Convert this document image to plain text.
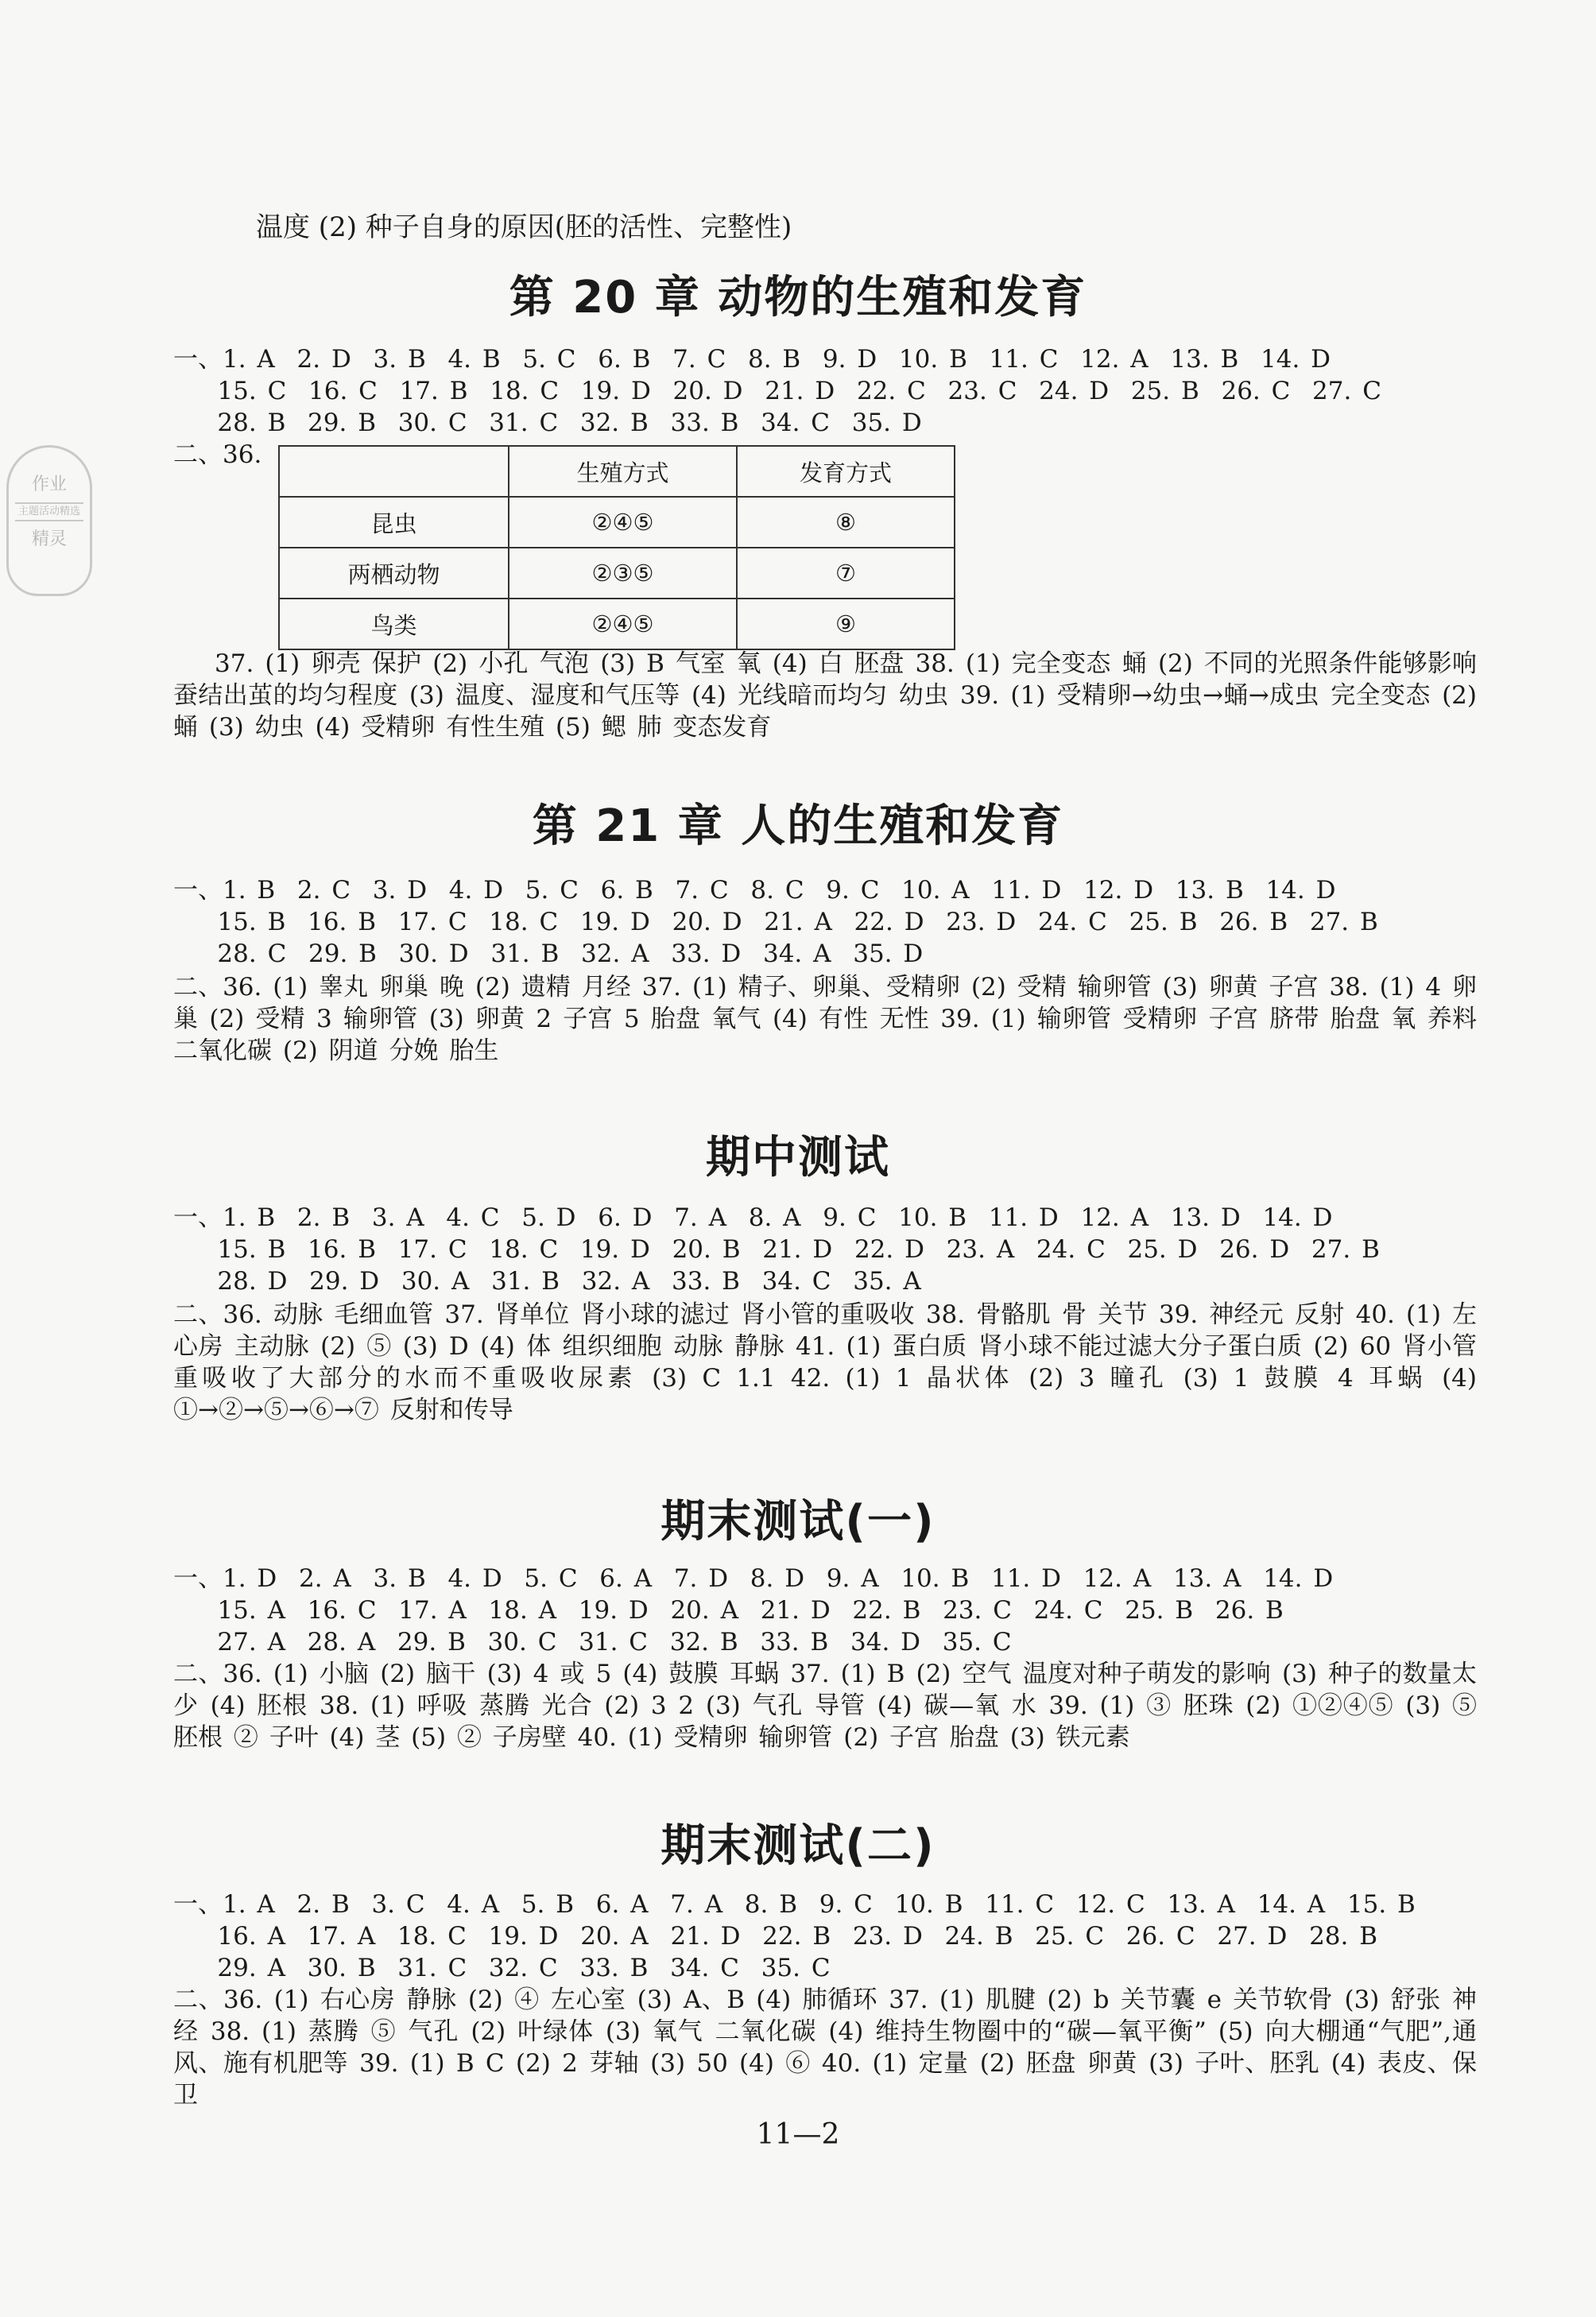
作业
主题活动精选
精灵
温度 (2) 种子自身的原因(胚的活性、完整性)
第 20 章 动物的生殖和发育
一、1. A  2. D  3. B  4. B  5. C  6. B  7. C  8. B  9. D  10. B  11. C  12. A  13. B  14. D
15. C  16. C  17. B  18. C  19. D  20. D  21. D  22. C  23. C  24. D  25. B  26. C  27. C
28. B  29. B  30. C  31. C  32. B  33. B  34. C  35. D
二、36.
	生殖方式	发育方式
昆虫	②④⑤	⑧
两栖动物	②③⑤	⑦
鸟类	②④⑤	⑨
37. (1) 卵壳 保护 (2) 小孔 气泡 (3) B 气室 氧 (4) 白 胚盘 38. (1) 完全变态 蛹 (2) 不同的光照条件能够影响蚕结出茧的均匀程度 (3) 温度、湿度和气压等 (4) 光线暗而均匀 幼虫 39. (1) 受精卵→幼虫→蛹→成虫 完全变态 (2) 蛹 (3) 幼虫 (4) 受精卵 有性生殖 (5) 鳃 肺 变态发育
第 21 章 人的生殖和发育
一、1. B  2. C  3. D  4. D  5. C  6. B  7. C  8. C  9. C  10. A  11. D  12. D  13. B  14. D
15. B  16. B  17. C  18. C  19. D  20. D  21. A  22. D  23. D  24. C  25. B  26. B  27. B
28. C  29. B  30. D  31. B  32. A  33. D  34. A  35. D
二、36. (1) 睾丸 卵巢 晚 (2) 遗精 月经 37. (1) 精子、卵巢、受精卵 (2) 受精 输卵管 (3) 卵黄 子宫 38. (1) 4 卵巢 (2) 受精 3 输卵管 (3) 卵黄 2 子宫 5 胎盘 氧气 (4) 有性 无性 39. (1) 输卵管 受精卵 子宫 脐带 胎盘 氧 养料 二氧化碳 (2) 阴道 分娩 胎生
期中测试
一、1. B  2. B  3. A  4. C  5. D  6. D  7. A  8. A  9. C  10. B  11. D  12. A  13. D  14. D
15. B  16. B  17. C  18. C  19. D  20. B  21. D  22. D  23. A  24. C  25. D  26. D  27. B
28. D  29. D  30. A  31. B  32. A  33. B  34. C  35. A
二、36. 动脉 毛细血管 37. 肾单位 肾小球的滤过 肾小管的重吸收 38. 骨骼肌 骨 关节 39. 神经元 反射 40. (1) 左心房 主动脉 (2) ⑤ (3) D (4) 体 组织细胞 动脉 静脉 41. (1) 蛋白质 肾小球不能过滤大分子蛋白质 (2) 60 肾小管重吸收了大部分的水而不重吸收尿素 (3) C 1.1 42. (1) 1 晶状体 (2) 3 瞳孔 (3) 1 鼓膜 4 耳蜗 (4) ①→②→⑤→⑥→⑦ 反射和传导
期末测试(一)
一、1. D  2. A  3. B  4. D  5. C  6. A  7. D  8. D  9. A  10. B  11. D  12. A  13. A  14. D
15. A  16. C  17. A  18. A  19. D  20. A  21. D  22. B  23. C  24. C  25. B  26. B
27. A  28. A  29. B  30. C  31. C  32. B  33. B  34. D  35. C
二、36. (1) 小脑 (2) 脑干 (3) 4 或 5 (4) 鼓膜 耳蜗 37. (1) B (2) 空气 温度对种子萌发的影响 (3) 种子的数量太少 (4) 胚根 38. (1) 呼吸 蒸腾 光合 (2) 3 2 (3) 气孔 导管 (4) 碳—氧 水 39. (1) ③ 胚珠 (2) ①②④⑤ (3) ⑤ 胚根 ② 子叶 (4) 茎 (5) ② 子房壁 40. (1) 受精卵 输卵管 (2) 子宫 胎盘 (3) 铁元素
期末测试(二)
一、1. A  2. B  3. C  4. A  5. B  6. A  7. A  8. B  9. C  10. B  11. C  12. C  13. A  14. A  15. B
16. A  17. A  18. C  19. D  20. A  21. D  22. B  23. D  24. B  25. C  26. C  27. D  28. B
29. A  30. B  31. C  32. C  33. B  34. C  35. C
二、36. (1) 右心房 静脉 (2) ④ 左心室 (3) A、B (4) 肺循环 37. (1) 肌腱 (2) b 关节囊 e 关节软骨 (3) 舒张 神经 38. (1) 蒸腾 ⑤ 气孔 (2) 叶绿体 (3) 氧气 二氧化碳 (4) 维持生物圈中的“碳—氧平衡” (5) 向大棚通“气肥”,通风、施有机肥等 39. (1) B C (2) 2 芽轴 (3) 50 (4) ⑥ 40. (1) 定量 (2) 胚盘 卵黄 (3) 子叶、胚乳 (4) 表皮、保卫
11—2
